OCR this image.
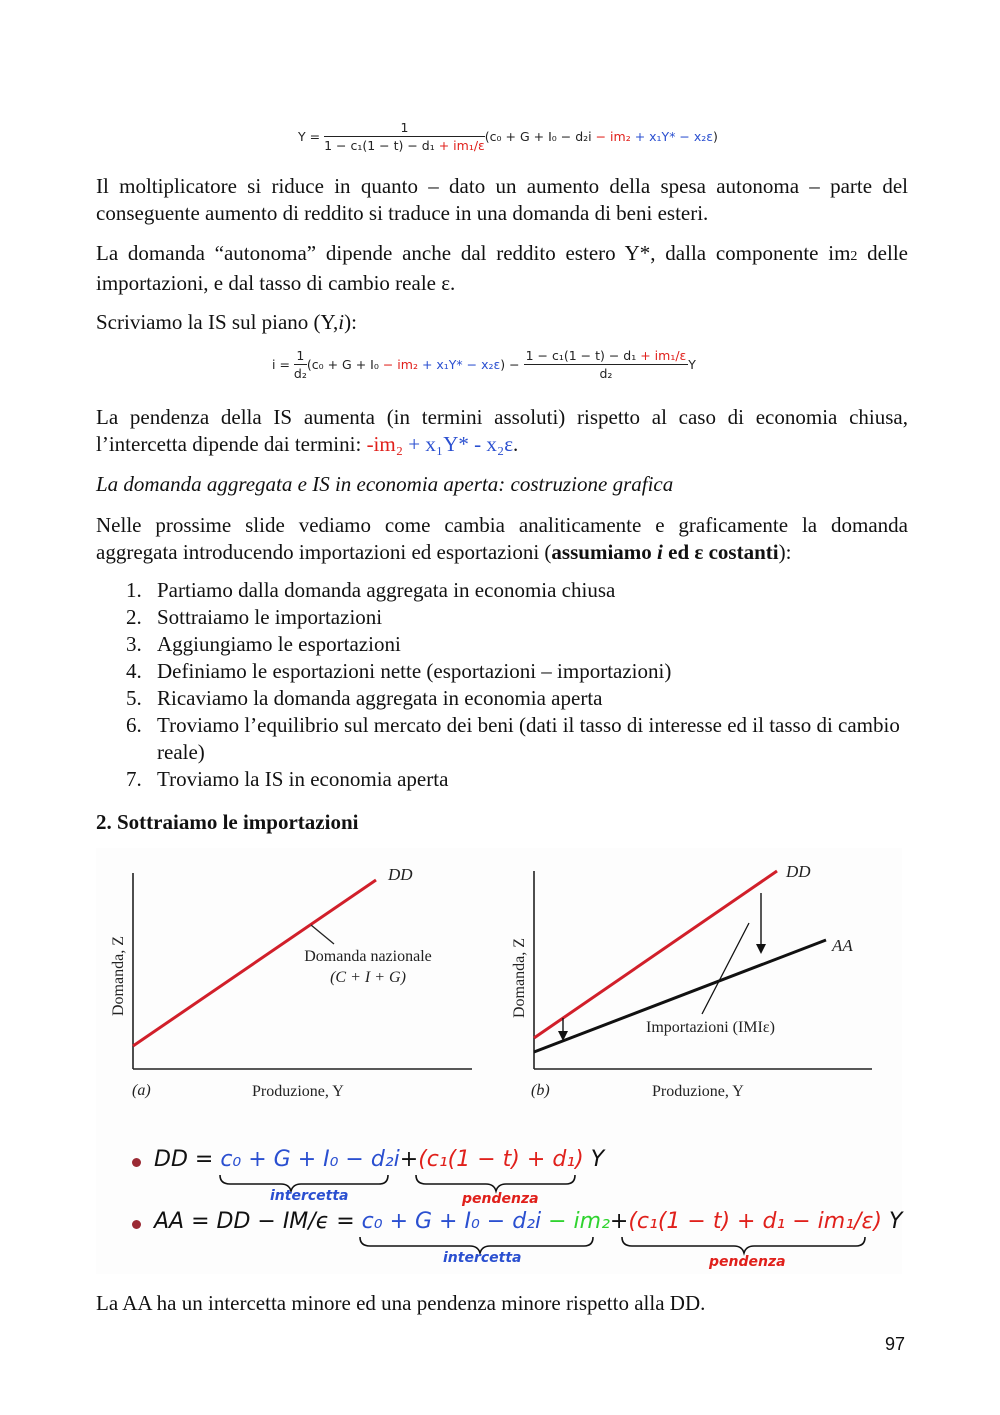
$Y = \frac{1}{\text{1 − c₁(1 − t) − d₁ + im₁/ε}} (c_0 + G + I_0 - d_2i - im_2 + x_1Y* - x_2\varepsilon)$
Il moltiplicatore si riduce in quanto – dato un aumento della spesa autonoma – parte del conseguente aumento di reddito si traduce in una domanda di beni esteri.
La domanda “autonoma” dipende anche dal reddito estero Y*, dalla componente im2 delle importazioni, e dal tasso di cambio reale ε.
Scriviamo la IS sul piano (Y,i):
$i = \frac{1}{\text{d₂}} (c_0 + G + I_0 - im_2 + x_1Y* - x_2\varepsilon) - \frac{\text{1 − c₁(1 − t) − d₁ + im₁/ε}}{\text{d₂}}$ Y
La pendenza della IS aumenta (in termini assoluti) rispetto al caso di economia chiusa, l’intercetta dipende dai termini: -im₂ + x₁Y* - x₂ε.
La domanda aggregata e IS in economia aperta: costruzione grafica
Nelle prossime slide vediamo come cambia analiticamente e graficamente la domanda aggregata introducendo importazioni ed esportazioni (assumiamo i ed ε costanti):
1. Partiamo dalla domanda aggregata in economia chiusa
2. Sottraiamo le importazioni
3. Aggiungiamo le esportazioni
4. Definiamo le esportazioni nette (esportazioni – importazioni)
5. Ricaviamo la domanda aggregata in economia aperta
6. Troviamo l’equilibrio sul mercato dei beni (dati il tasso di interesse ed il tasso di cambio reale)
7. Troviamo la IS in economia aperta
2. Sottraiamo le importazioni
DD
Domanda nazionale
(C + I + G)
Domanda, Z
Produzione, Y
(a)
DD
AA
Importazioni (IMIε)
Domanda, Z
Produzione, Y
(b)
DD = c₀ + G + I₀ − d₂i+(c₁(1 − t) + d₁) Y
intercetta	pendenza
AA = DD − IM/ϵ = c₀ + G + I₀ − d₂i − im₂+(c₁(1 − t) + d₁ − im₁/ε) Y
intercetta	pendenza
La AA ha un intercetta minore ed una pendenza minore rispetto alla DD.
97
